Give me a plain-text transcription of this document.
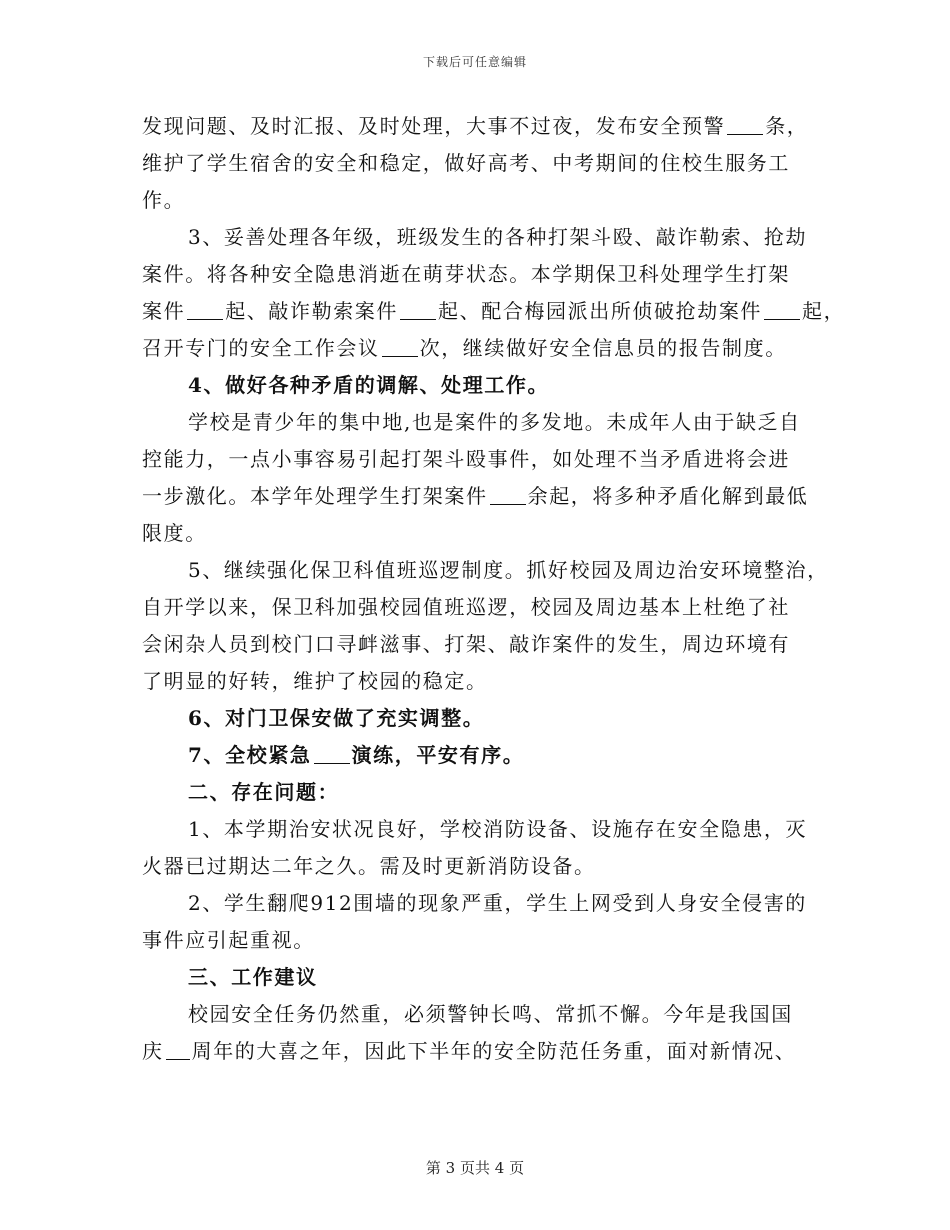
下载后可任意编辑
发现问题、及时汇报、及时处理，大事不过夜，发布安全预警 条，
维护了学生宿舍的安全和稳定，做好高考、中考期间的住校生服务工
作。
3、妥善处理各年级，班级发生的各种打架斗殴、敲诈勒索、抢劫
案件。将各种安全隐患消逝在萌芽状态。本学期保卫科处理学生打架
案件 起、敲诈勒索案件 起、配合梅园派出所侦破抢劫案件 起，
召开专门的安全工作会议 次，继续做好安全信息员的报告制度。
4、做好各种矛盾的调解、处理工作。
学校是青少年的集中地,也是案件的多发地。未成年人由于缺乏自
控能力，一点小事容易引起打架斗殴事件，如处理不当矛盾进将会进
一步激化。本学年处理学生打架案件 余起，将多种矛盾化解到最低
限度。
5、继续强化保卫科值班巡逻制度。抓好校园及周边治安环境整治，
自开学以来，保卫科加强校园值班巡逻，校园及周边基本上杜绝了社
会闲杂人员到校门口寻衅滋事、打架、敲诈案件的发生，周边环境有
了明显的好转，维护了校园的稳定。
6、对门卫保安做了充实调整。
7、全校紧急 演练，平安有序。
二、存在问题：
1、本学期治安状况良好，学校消防设备、设施存在安全隐患，灭
火器已过期达二年之久。需及时更新消防设备。
2、学生翻爬912围墙的现象严重，学生上网受到人身安全侵害的
事件应引起重视。
三、工作建议
校园安全任务仍然重，必须警钟长鸣、常抓不懈。今年是我国国
庆 周年的大喜之年，因此下半年的安全防范任务重，面对新情况、
第 3 页共 4 页
